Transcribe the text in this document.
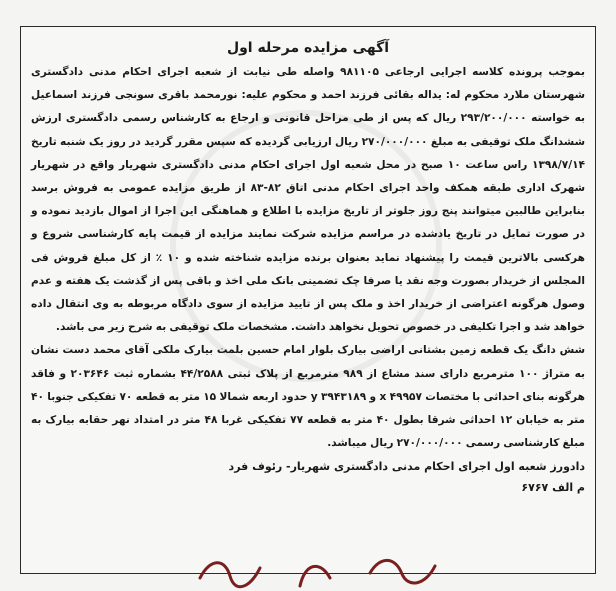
آگهی مزایده مرحله اول

بموجب پرونده کلاسه اجرایی ارجاعی ۹۸۱۱۰۵ واصله طی نیابت از شعبه اجرای احکام مدنی دادگستری شهرستان ملارد محکوم له: یداله بقائی فرزند احمد و محکوم علیه: نورمحمد باقری سونجی فرزند اسماعیل به خواسته ۲۹۳/۲۰۰/۰۰۰ ریال که پس از طی مراحل قانونی و ارجاع به کارشناس رسمی دادگستری ارزش ششدانگ ملک توقیفی به مبلغ ۲۷۰/۰۰۰/۰۰۰ ریال ارزیابی گردیده که سپس مقرر گردید در روز یک شنبه تاریخ ۱۳۹۸/۷/۱۴ راس ساعت ۱۰ صبح در محل شعبه اول اجرای احکام مدنی دادگستری شهریار واقع در شهریار شهرک اداری طبقه همکف واحد اجرای احکام مدنی اتاق ۸۲-۸۳ از طریق مزایده عمومی به فروش برسد بنابراین طالبین میتوانند پنج روز جلوتر از تاریخ مزایده با اطلاع و هماهنگی این اجرا از اموال بازدید نموده و در صورت تمایل در تاریخ یادشده در مراسم مزایده شرکت نمایند مزایده از قیمت پایه کارشناسی شروع و هرکسی بالاترین قیمت را پیشنهاد نماید بعنوان برنده مزایده شناخته شده و ۱۰ ٪ از کل مبلغ فروش فی المجلس از خریدار بصورت وجه نقد یا صرفا چک تضمینی بانک ملی اخذ و باقی پس از گذشت یک هفته و عدم وصول هرگونه اعتراضی از خریدار اخذ و ملک پس از تایید مزایده از سوی دادگاه مربوطه به وی انتقال داده خواهد شد و اجرا تکلیفی در خصوص تحویل نخواهد داشت. مشخصات ملک توقیفی به شرح زیر می باشد.

شش دانگ یک قطعه زمین بشتانی اراضی بیارک بلوار امام حسین بلمت بیارک ملکی آقای محمد دست نشان به متراژ ۱۰۰ مترمربع دارای سند مشاع از ۹۸۹ مترمربع از پلاک ثبتی ۴۴/۲۵۸۸ بشماره ثبت ۲۰۳۶۴۶ و فاقد هرگونه بنای احداثی با مختصات ۴۹۹۵۷ x و ۳۹۴۳۱۸۹ y حدود اربعه شمالا ۱۵ متر به قطعه ۷۰ تفکیکی جنوبا ۴۰ متر به خیابان ۱۲ احداثی شرقا بطول ۴۰ متر به قطعه ۷۷ تفکیکی غربا ۴۸ متر در امتداد نهر حقابه بیارک به مبلغ کارشناسی رسمی ۲۷۰/۰۰۰/۰۰۰ ریال میباشد.

دادورز شعبه اول اجرای احکام مدنی دادگستری شهریار- رئوف فرد
م الف ۶۷۶۷
